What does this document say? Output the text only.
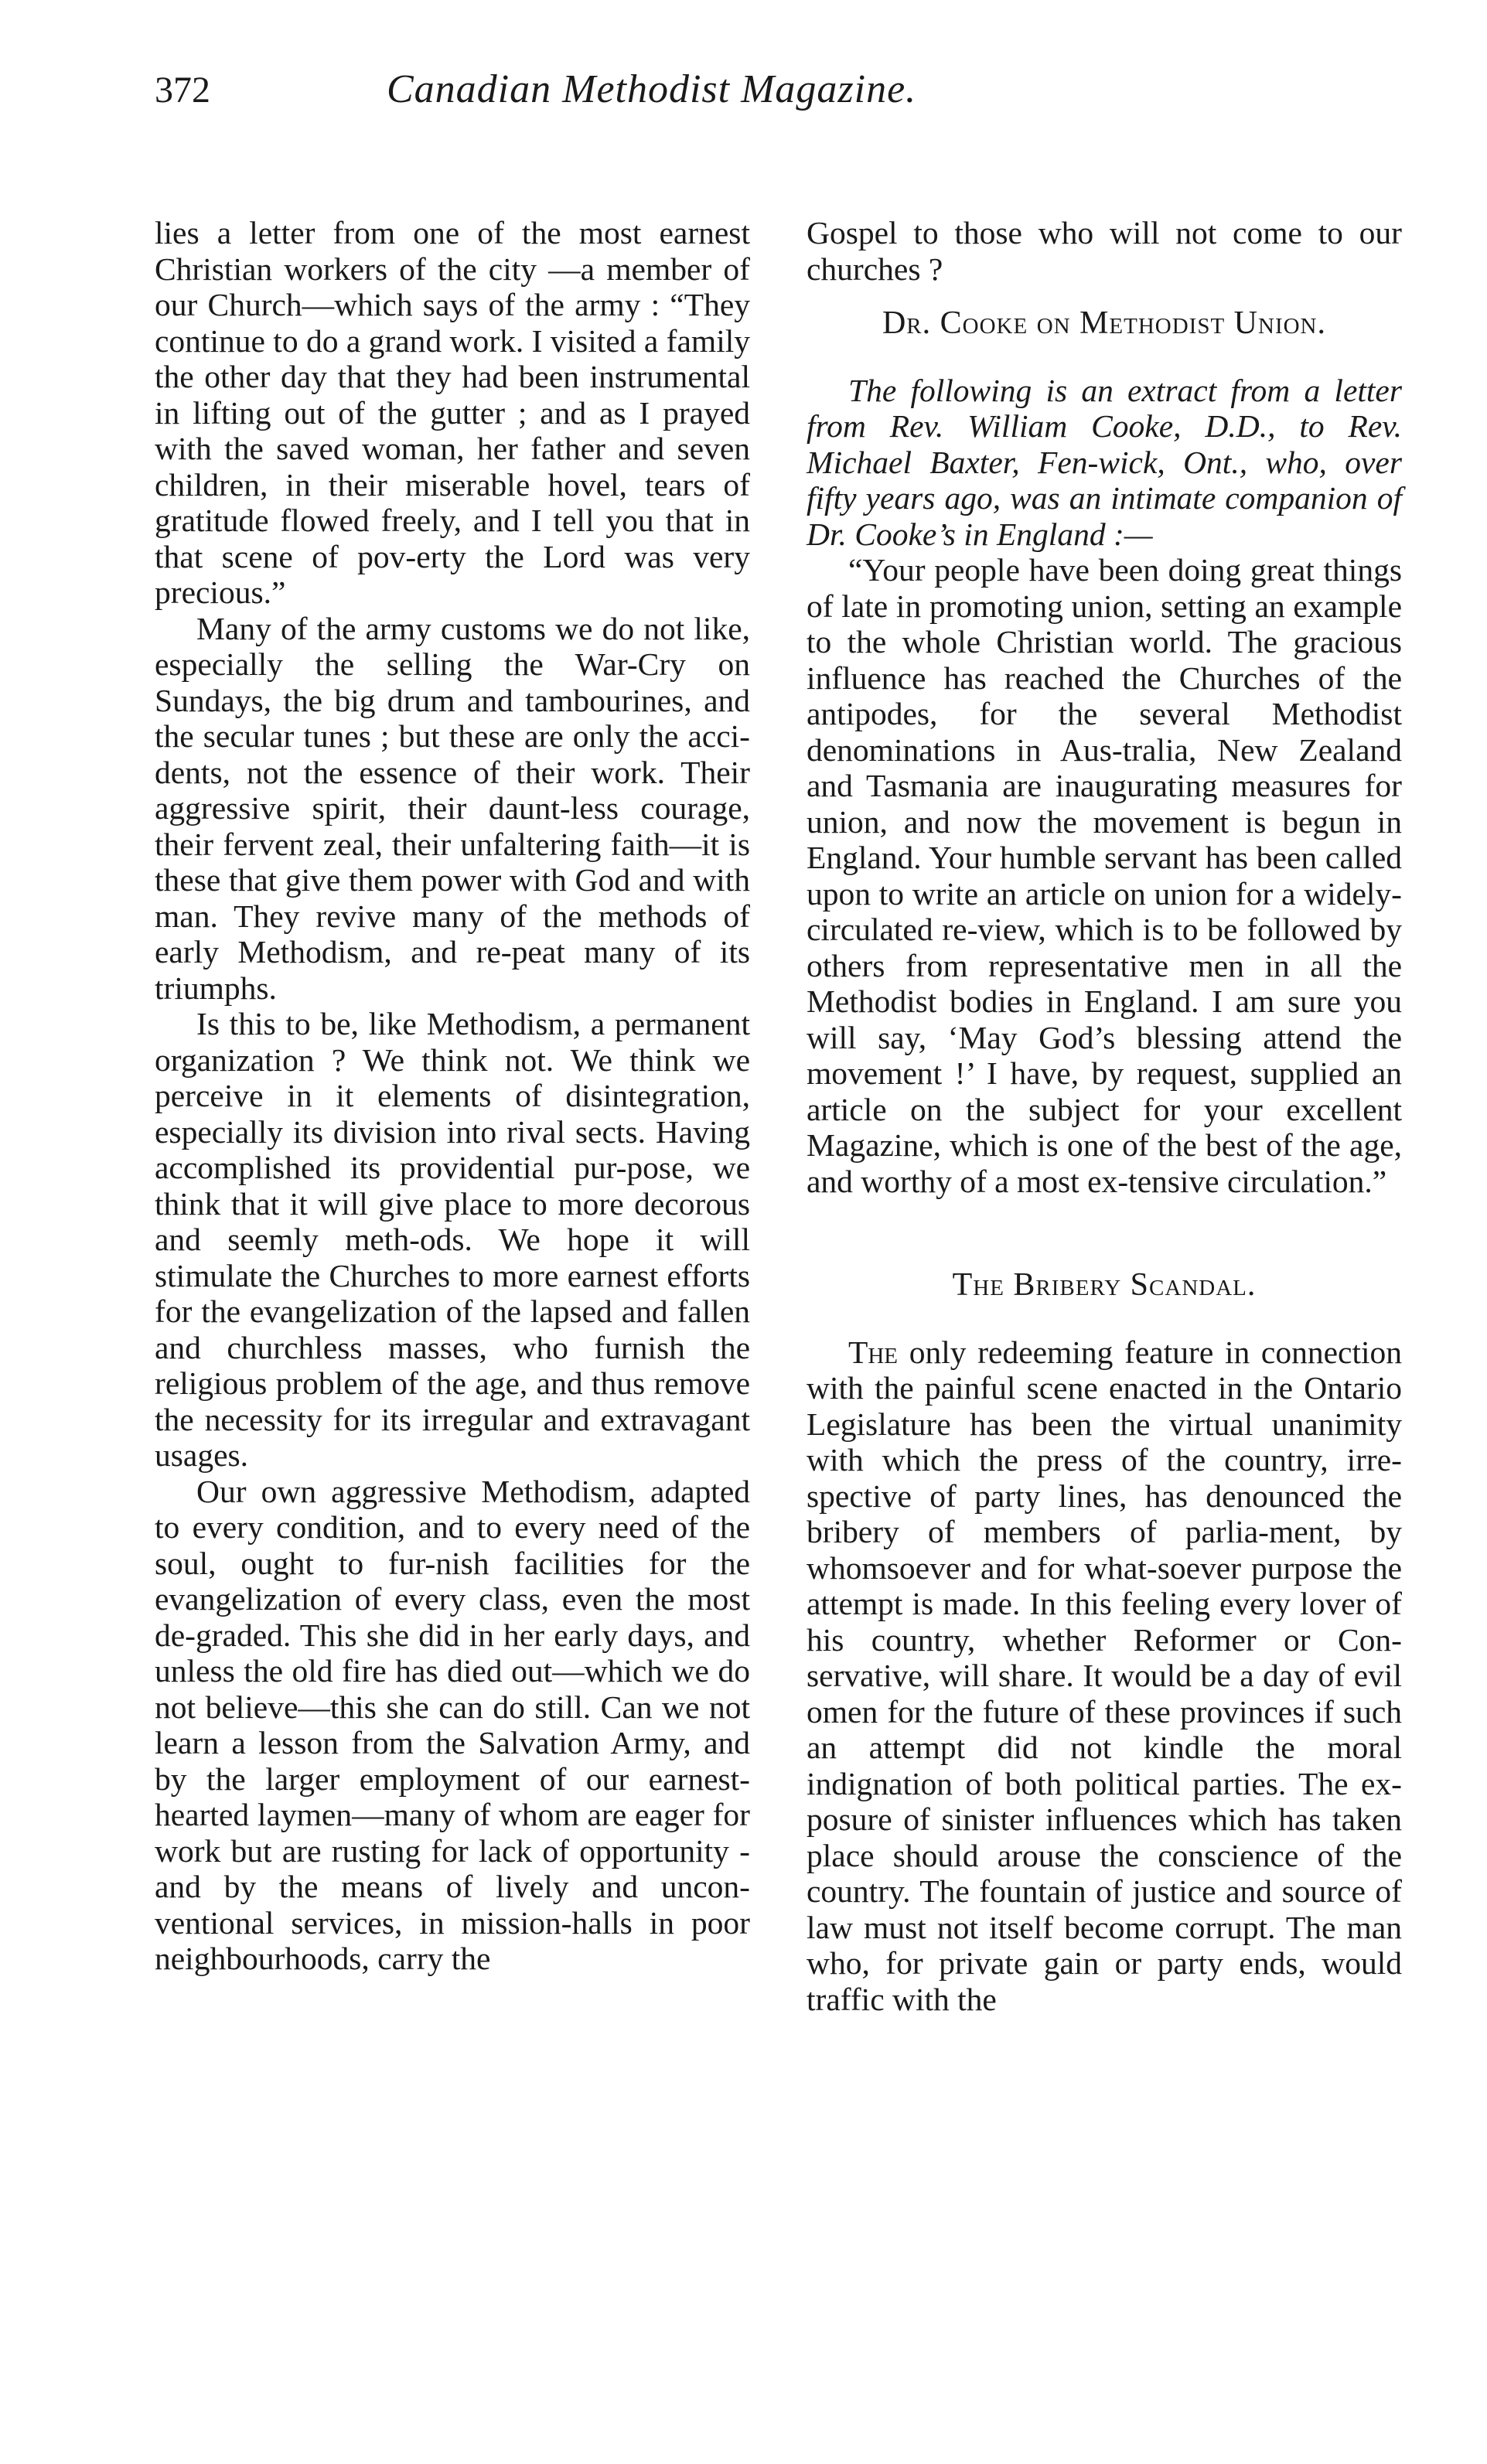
372	Canadian Methodist Magazine.

lies a letter from one of the most earnest Christian workers of the city —a member of our Church—which says of the army : “They continue to do a grand work. I visited a family the other day that they had been instrumental in lifting out of the gutter ; and as I prayed with the saved woman, her father and seven children, in their miserable hovel, tears of gratitude flowed freely, and I tell you that in that scene of pov-erty the Lord was very precious.”

Many of the army customs we do not like, especially the selling the War-Cry on Sundays, the big drum and tambourines, and the secular tunes ; but these are only the acci-dents, not the essence of their work. Their aggressive spirit, their daunt-less courage, their fervent zeal, their unfaltering faith—it is these that give them power with God and with man. They revive many of the methods of early Methodism, and re-peat many of its triumphs.

Is this to be, like Methodism, a permanent organization ? We think not. We think we perceive in it elements of disintegration, especially its division into rival sects. Having accomplished its providential pur-pose, we think that it will give place to more decorous and seemly meth-ods. We hope it will stimulate the Churches to more earnest efforts for the evangelization of the lapsed and fallen and churchless masses, who furnish the religious problem of the age, and thus remove the necessity for its irregular and extravagant usages.

Our own aggressive Methodism, adapted to every condition, and to every need of the soul, ought to fur-nish facilities for the evangelization of every class, even the most de-graded. This she did in her early days, and unless the old fire has died out—which we do not believe—this she can do still. Can we not learn a lesson from the Salvation Army, and by the larger employment of our earnest-hearted laymen—many of whom are eager for work but are rusting for lack of opportunity - and by the means of lively and uncon-ventional services, in mission-halls in poor neighbourhoods, carry the

Gospel to those who will not come to our churches ?

Dr. Cooke on Methodist Union.

The following is an extract from a letter from Rev. William Cooke, D.D., to Rev. Michael Baxter, Fen-wick, Ont., who, over fifty years ago, was an intimate companion of Dr. Cooke’s in England :—

“Your people have been doing great things of late in promoting union, setting an example to the whole Christian world. The gracious influence has reached the Churches of the antipodes, for the several Methodist denominations in Aus-tralia, New Zealand and Tasmania are inaugurating measures for union, and now the movement is begun in England. Your humble servant has been called upon to write an article on union for a widely-circulated re-view, which is to be followed by others from representative men in all the Methodist bodies in England. I am sure you will say, ‘May God’s blessing attend the movement !’ I have, by request, supplied an article on the subject for your excellent Magazine, which is one of the best of the age, and worthy of a most ex-tensive circulation.”

The Bribery Scandal.

The only redeeming feature in connection with the painful scene enacted in the Ontario Legislature has been the virtual unanimity with which the press of the country, irre-spective of party lines, has denounced the bribery of members of parlia-ment, by whomsoever and for what-soever purpose the attempt is made. In this feeling every lover of his country, whether Reformer or Con-servative, will share. It would be a day of evil omen for the future of these provinces if such an attempt did not kindle the moral indignation of both political parties. The ex-posure of sinister influences which has taken place should arouse the conscience of the country. The fountain of justice and source of law must not itself become corrupt. The man who, for private gain or party ends, would traffic with the
